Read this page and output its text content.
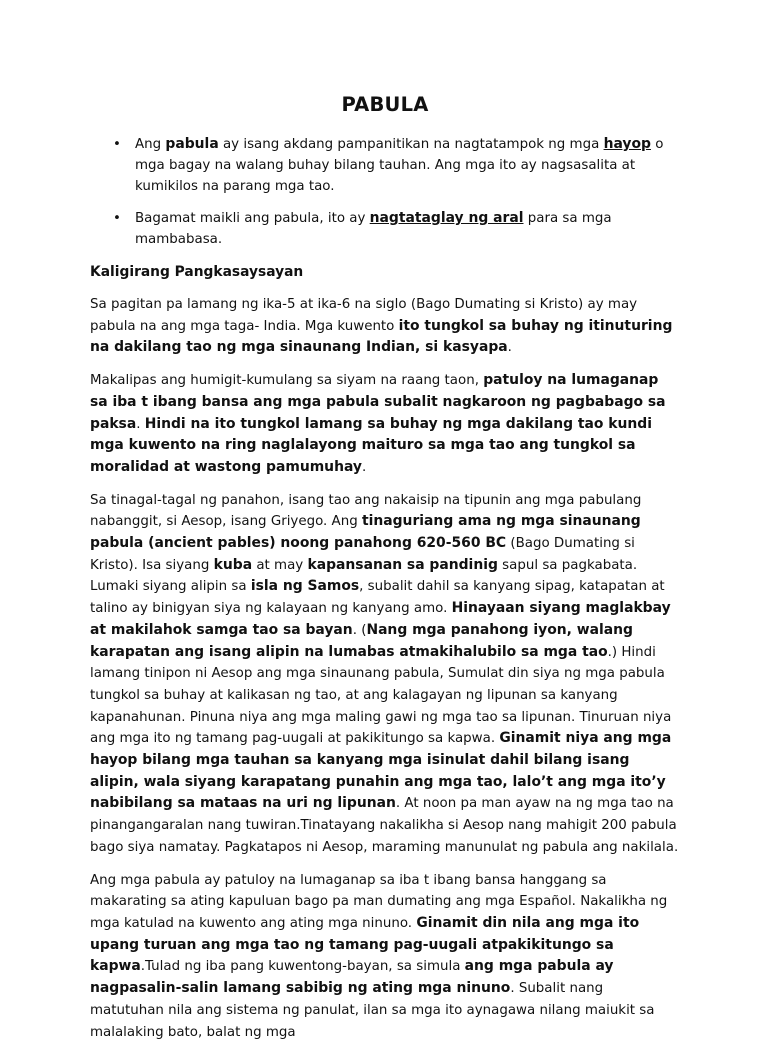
PABULA
• Ang pabula ay isang akdang pampanitikan na nagtatampok ng mga hayop o mga bagay na walang buhay bilang tauhan. Ang mga ito ay nagsasalita at kumikilos na parang mga tao.
• Bagamat maikli ang pabula, ito ay nagtataglay ng aral para sa mga mambabasa.
Kaligirang Pangkasaysayan

Sa pagitan pa lamang ng ika-5 at ika-6 na siglo (Bago Dumating si Kristo) ay may pabula na ang mga taga- India. Mga kuwento ito tungkol sa buhay ng itinuturing na dakilang tao ng mga sinaunang Indian, si kasyapa.

Makalipas ang humigit-kumulang sa siyam na raang taon, patuloy na lumaganap sa iba t ibang bansa ang mga pabula subalit nagkaroon ng pagbabago sa paksa. Hindi na ito tungkol lamang sa buhay ng mga dakilang tao kundi mga kuwento na ring naglalayong maituro sa mga tao ang tungkol sa moralidad at wastong pamumuhay.

Sa tinagal-tagal ng panahon, isang tao ang nakaisip na tipunin ang mga pabulang nabanggit, si Aesop, isang Griyego. Ang tinaguriang ama ng mga sinaunang pabula (ancient pables) noong panahong 620-560 BC (Bago Dumating si Kristo). Isa siyang kuba at may kapansanan sa pandinig sapul sa pagkabata. Lumaki siyang alipin sa isla ng Samos, subalit dahil sa kanyang sipag, katapatan at talino ay binigyan siya ng kalayaan ng kanyang amo. Hinayaan siyang maglakbay at makilahok samga tao sa bayan. (Nang mga panahong iyon, walang karapatan ang isang alipin na lumabas atmakihalubilo sa mga tao.) Hindi lamang tinipon ni Aesop ang mga sinaunang pabula, Sumulat din siya ng mga pabula tungkol sa buhay at kalikasan ng tao, at ang kalagayan ng lipunan sa kanyang kapanahunan. Pinuna niya ang mga maling gawi ng mga tao sa lipunan. Tinuruan niya ang mga ito ng tamang pag-uugali at pakikitungo sa kapwa. Ginamit niya ang mga hayop bilang mga tauhan sa kanyang mga isinulat dahil bilang isang alipin, wala siyang karapatang punahin ang mga tao, lalo’t ang mga ito’y nabibilang sa mataas na uri ng lipunan. At noon pa man ayaw na ng mga tao na pinangangaralan nang tuwiran.Tinatayang nakalikha si Aesop nang mahigit 200 pabula bago siya namatay. Pagkatapos ni Aesop, maraming manunulat ng pabula ang nakilala.

Ang mga pabula ay patuloy na lumaganap sa iba t ibang bansa hanggang sa makarating sa ating kapuluan bago pa man dumating ang mga Español. Nakalikha ng mga katulad na kuwento ang ating mga ninuno. Ginamit din nila ang mga ito upang turuan ang mga tao ng tamang pag-uugali atpakikitungo sa kapwa.Tulad ng iba pang kuwentong-bayan, sa simula ang mga pabula ay nagpasalin-salin lamang sabibig ng ating mga ninuno. Subalit nang matutuhan nila ang sistema ng panulat, ilan sa mga ito aynagawa nilang maiukit sa malalaking bato, balat ng mga
